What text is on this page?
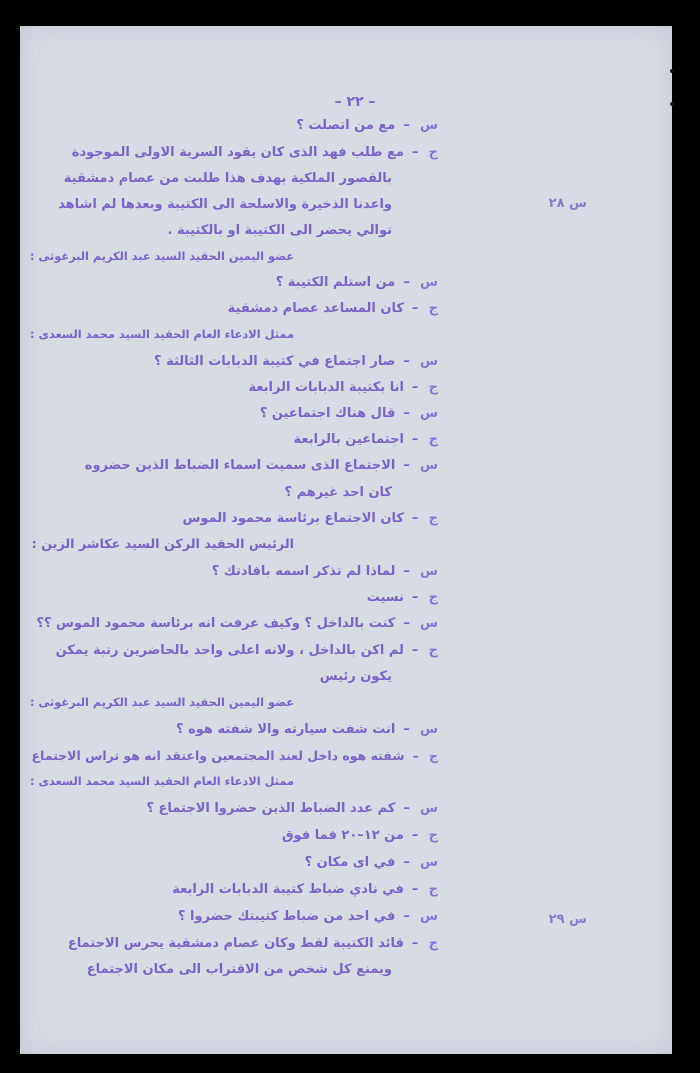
– ٢٢ –
س ٢٨
س ٢٩
س–مع من اتصلت ؟
ج–مع طلب فهد الذى كان يقود السرية الاولى الموجودة
بالقصور الملكية بهدف هذا طلبت من عصام دمشقية
واعدنا الذخيرة والاسلحة الى الكتيبة وبعدها لم اشاهد
توالي يحضر الى الكتيبة او بالكتيبة .
عضو اليمين الحقيد السيد عبد الكريم البرغوثى :
س–من استلم الكتيبة ؟
ج–كان المساعد عصام دمشقية
ممثل الادعاء العام الحقيد السيد محمد السعدى :
س–صار اجتماع في كتيبة الدبابات الثالثة ؟
ج–انا بكتيبة الدبابات الرابعة
س–قال هناك اجتماعين ؟
ج–اجتماعين بالرابعة
س–الاجتماع الذى سميت اسماء الضباط الذين حضروه
كان احد غيرهم ؟
ج–كان الاجتماع برئاسة محمود الموس
الرئيس الحقيد الركن السيد عكاشر الزين :
س–لماذا لم تذكر اسمه بافادتك ؟
ج–نسيت
س–كنت بالداخل ؟ وكيف عرفت انه برئاسة محمود الموس ؟؟
ج–لم اكن بالداخل ، ولانه اعلى واحد بالحاضرين رتبة يمكن
يكون رئيس
عضو اليمين الحقيد السيد عبد الكريم البرغوثى :
س–انت شفت سيارته والا شفته هوه ؟
ج–شفته هوه داخل لعند المجتمعين واعتقد انه هو تراس الاجتماع
ممثل الادعاء العام الحقيد السيد محمد السعدى :
س–كم عدد الضباط الذين حضروا الاجتماع ؟
ج–من ١٢–٢٠ فما فوق
س–في اى مكان ؟
ج–في نادي ضباط كتيبة الدبابات الرابعة
س–في احد من ضباط كتيبتك حضروا ؟
ج–قائد الكتيبة لقط وكان عصام دمشقية يحرس الاجتماع
ويمنع كل شخص من الاقتراب الى مكان الاجتماع
